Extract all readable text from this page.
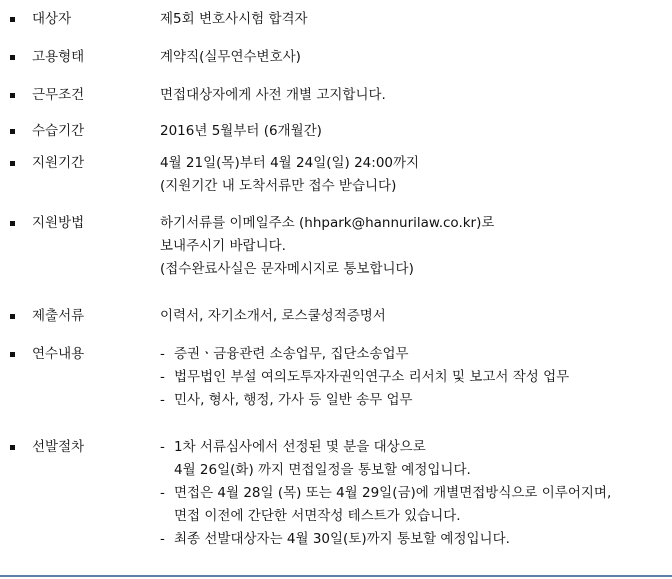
대상자	제5회 변호사시험 합격자
고용형태	계약직(실무연수변호사)
근무조건	면접대상자에게 사전 개별 고지합니다.
수습기간	2016년 5월부터 (6개월간)
지원기간	4월 21일(목)부터 4월 24일(일) 24:00까지
(지원기간 내 도착서류만 접수 받습니다)
지원방법	하기서류를 이메일주소 (hhpark@hannurilaw.co.kr)로
보내주시기 바랍니다.
(접수완료사실은 문자메시지로 통보합니다)
제출서류	이력서, 자기소개서, 로스쿨성적증명서
연수내용	- 증권ㆍ금융관련 소송업무, 집단소송업무
- 법무법인 부설 여의도투자자권익연구소 리서치 및 보고서 작성 업무
- 민사, 형사, 행정, 가사 등 일반 송무 업무
선발절차	- 1차 서류심사에서 선정된 몇 분을 대상으로
4월 26일(화) 까지 면접일정을 통보할 예정입니다.
- 면접은 4월 28일 (목) 또는 4월 29일(금)에 개별면접방식으로 이루어지며,
면접 이전에 간단한 서면작성 테스트가 있습니다.
- 최종 선발대상자는 4월 30일(토)까지 통보할 예정입니다.
